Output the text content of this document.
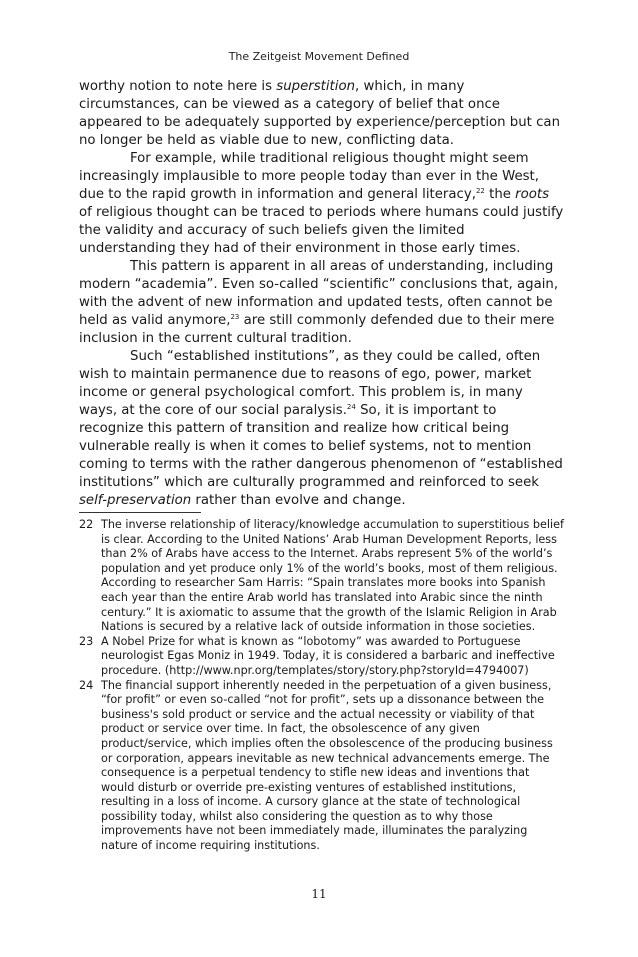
The Zeitgeist Movement Defined

worthy notion to note here is superstition, which, in many circumstances, can be viewed as a category of belief that once appeared to be adequately supported by experience/perception but can no longer be held as viable due to new, conflicting data.

For example, while traditional religious thought might seem increasingly implausible to more people today than ever in the West, due to the rapid growth in information and general literacy,$^{22}$ the roots of religious thought can be traced to periods where humans could justify the validity and accuracy of such beliefs given the limited understanding they had of their environment in those early times.

This pattern is apparent in all areas of understanding, including modern “academia”. Even so-called “scientific” conclusions that, again, with the advent of new information and updated tests, often cannot be held as valid anymore,$^{23}$ are still commonly defended due to their mere inclusion in the current cultural tradition.

Such “established institutions”, as they could be called, often wish to maintain permanence due to reasons of ego, power, market income or general psychological comfort. This problem is, in many ways, at the core of our social paralysis.$^{24}$ So, it is important to recognize this pattern of transition and realize how critical being vulnerable really is when it comes to belief systems, not to mention coming to terms with the rather dangerous phenomenon of “established institutions” which are culturally programmed and reinforced to seek self-preservation rather than evolve and change.

22 The inverse relationship of literacy/knowledge accumulation to superstitious belief is clear. According to the United Nations’ Arab Human Development Reports, less than 2% of Arabs have access to the Internet. Arabs represent 5% of the world’s population and yet produce only 1% of the world’s books, most of them religious. According to researcher Sam Harris: “Spain translates more books into Spanish each year than the entire Arab world has translated into Arabic since the ninth century.” It is axiomatic to assume that the growth of the Islamic Religion in Arab Nations is secured by a relative lack of outside information in those societies.

23 A Nobel Prize for what is known as “lobotomy” was awarded to Portuguese neurologist Egas Moniz in 1949. Today, it is considered a barbaric and ineffective procedure. (http://www.npr.org/templates/story/story.php?storyId=4794007)

24 The financial support inherently needed in the perpetuation of a given business, “for profit” or even so-called “not for profit”, sets up a dissonance between the business's sold product or service and the actual necessity or viability of that product or service over time. In fact, the obsolescence of any given product/service, which implies often the obsolescence of the producing business or corporation, appears inevitable as new technical advancements emerge. The consequence is a perpetual tendency to stifle new ideas and inventions that would disturb or override pre-existing ventures of established institutions, resulting in a loss of income. A cursory glance at the state of technological possibility today, whilst also considering the question as to why those improvements have not been immediately made, illuminates the paralyzing nature of income requiring institutions.

11
